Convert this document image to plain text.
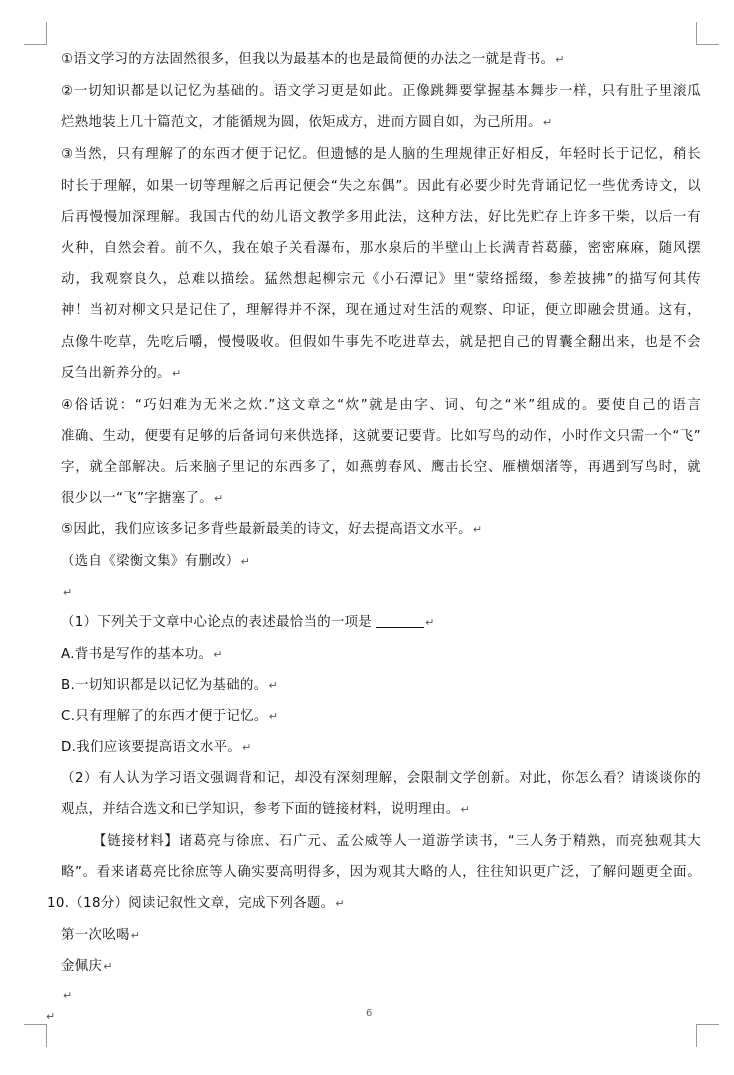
①语文学习的方法固然很多，但我以为最基本的也是最简便的办法之一就是背书。↵
②一切知识都是以记忆为基础的。语文学习更是如此。正像跳舞要掌握基本舞步一样，只有肚子里滚瓜
烂熟地装上几十篇范文，才能循规为圆，依矩成方，进而方圆自如，为己所用。↵
③当然，只有理解了的东西才便于记忆。但遗憾的是人脑的生理规律正好相反，年轻时长于记忆，稍长
时长于理解，如果一切等理解之后再记便会“失之东偶”。因此有必要少时先背诵记忆一些优秀诗文，以
后再慢慢加深理解。我国古代的幼儿语文教学多用此法，这种方法，好比先贮存上许多干柴，以后一有
火种，自然会着。前不久，我在娘子关看瀑布，那水泉后的半壁山上长满青苔葛藤，密密麻麻，随风摆
动，我观察良久，总难以描绘。猛然想起柳宗元《小石潭记》里“蒙络摇缀，参差披拂”的描写何其传
神！当初对柳文只是记住了，理解得并不深，现在通过对生活的观察、印证，便立即融会贯通。这有，
点像牛吃草，先吃后嚼，慢慢吸收。但假如牛事先不吃进草去，就是把自己的胃囊全翻出来，也是不会
反刍出新养分的。↵
④俗话说：“巧妇难为无米之炊.”这文章之“炊”就是由字、词、句之“米”组成的。要使自己的语言
准确、生动，便要有足够的后备词句来供选择，这就要记要背。比如写鸟的动作，小时作文只需一个“飞”
字，就全部解决。后来脑子里记的东西多了，如燕剪春风、鹰击长空、雁横烟渚等，再遇到写鸟时，就
很少以一“飞”字搪塞了。↵
⑤因此，我们应该多记多背些最新最美的诗文，好去提高语文水平。↵
（选自《梁衡文集》有删改）↵
↵
（1）下列关于文章中心论点的表述最恰当的一项是	↵
A.背书是写作的基本功。↵
B.一切知识都是以记忆为基础的。↵
C.只有理解了的东西才便于记忆。↵
D.我们应该要提高语文水平。↵
（2）有人认为学习语文强调背和记，却没有深刻理解，会限制文学创新。对此，你怎么看？请谈谈你的
观点，并结合选文和已学知识，参考下面的链接材料，说明理由。↵
【链接材料】诸葛亮与徐庶、石广元、孟公威等人一道游学读书，“三人务于精熟，而亮独观其大
略”。看来诸葛亮比徐庶等人确实要高明得多，因为观其大略的人，往往知识更广泛，了解问题更全面。
10.（18分）阅读记叙性文章，完成下列各题。↵
第一次吆喝↵
金佩庆↵
↵
↵	6
